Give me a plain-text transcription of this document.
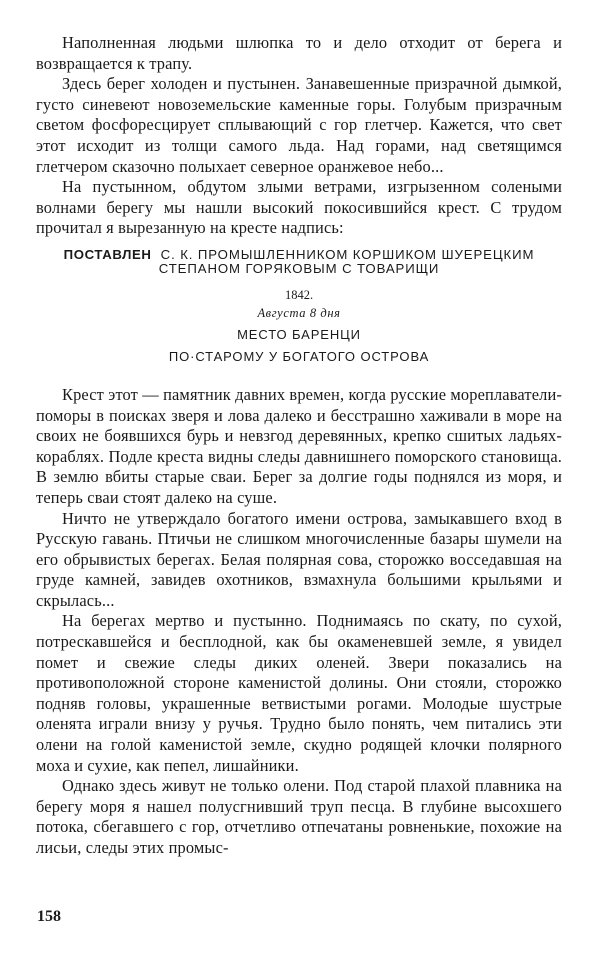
Наполненная людьми шлюпка то и дело отходит от берега и возвращается к трапу.

Здесь берег холоден и пустынен. Занавешенные призрачной дымкой, густо синевеют новоземельские каменные горы. Голубым призрачным светом фосфоресцирует сплывающий с гор глетчер. Кажется, что свет этот исходит из толщи самого льда. Над горами, над светящимся глетчером сказочно полыхает северное оранжевое небо...

На пустынном, обдутом злыми ветрами, изгрызенном солеными волнами берегу мы нашли высокий покосившийся крест. С трудом прочитал я вырезанную на кресте надпись:

ПОСТАВЛЕН С. К. ПРОМЫШЛЕННИКОМ КОРШИКОМ ШУЕРЕЦКИМ
СТЕПАНОМ ГОРЯКОВЫМ С ТОВАРИЩИ
1842.
Августа 8 дня
МЕСТО БАРЕНЦИ
ПО·СТАРОМУ У БОГАТОГО ОСТРОВА

Крест этот — памятник давних времен, когда русские мореплаватели-поморы в поисках зверя и лова далеко и бесстрашно хаживали в море на своих не боявшихся бурь и невзгод деревянных, крепко сшитых ладьях-кораблях. Подле креста видны следы давнишнего поморского становища. В землю вбиты старые сваи. Берег за долгие годы поднялся из моря, и теперь сваи стоят далеко на суше.

Ничто не утверждало богатого имени острова, замыкавшего вход в Русскую гавань. Птичьи не слишком многочисленные базары шумели на его обрывистых берегах. Белая полярная сова, сторожко восседавшая на груде камней, завидев охотников, взмахнула большими крыльями и скрылась...

На берегах мертво и пустынно. Поднимаясь по скату, по сухой, потрескавшейся и бесплодной, как бы окаменевшей земле, я увидел помет и свежие следы диких оленей. Звери показались на противоположной стороне каменистой долины. Они стояли, сторожко подняв головы, украшенные ветвистыми рогами. Молодые шустрые оленята играли внизу у ручья. Трудно было понять, чем питались эти олени на голой каменистой земле, скудно родящей клочки полярного моха и сухие, как пепел, лишайники.

Однако здесь живут не только олени. Под старой плахой плавника на берегу моря я нашел полусгнивший труп песца. В глубине высохшего потока, сбегавшего с гор, отчетливо отпечатаны ровненькие, похожие на лисьи, следы этих промыс-

158
